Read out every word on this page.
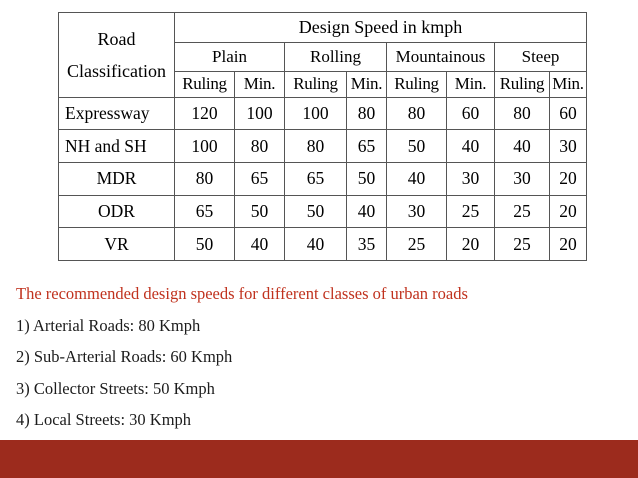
Road
Classification	Design Speed in kmph							
	Plain		Rolling		Mountainous		Steep	
	Ruling	Min.	Ruling	Min.	Ruling	Min.	Ruling	Min.
Expressway	120	100	100	80	80	60	80	60
NH and SH	100	80	80	65	50	40	40	30
MDR	80	65	65	50	40	30	30	20
ODR	65	50	50	40	30	25	25	20
VR	50	40	40	35	25	20	25	20
The recommended design speeds for different classes of urban roads
1) Arterial Roads: 80 Kmph
2) Sub-Arterial Roads: 60 Kmph
3) Collector Streets: 50 Kmph
4) Local Streets: 30 Kmph
